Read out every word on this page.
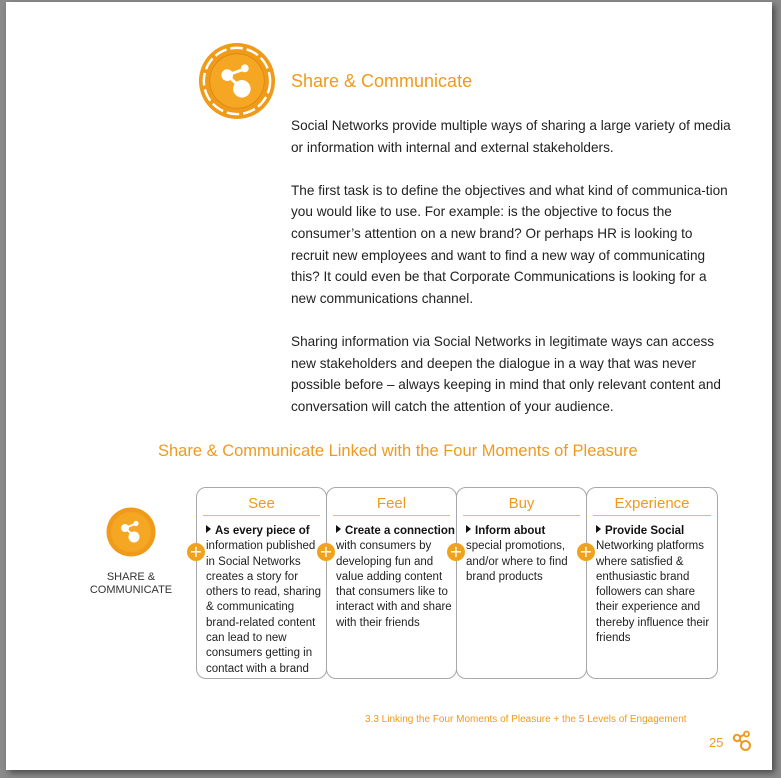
Share & Communicate

Social Networks provide multiple ways of sharing a large variety of media or information with internal and external stakeholders.

The first task is to define the objectives and what kind of communica-tion you would like to use. For example: is the objective to focus the consumer’s attention on a new brand? Or perhaps HR is looking to recruit new employees and want to find a new way of communicating this? It could even be that Corporate Communications is looking for a new communications channel.

Sharing information via Social Networks in legitimate ways can access new stakeholders and deepen the dialogue in a way that was never possible before – always keeping in mind that only relevant content and conversation will catch the attention of your audience.

Share & Communicate Linked with the Four Moments of Pleasure
SHARE &
COMMUNICATE
See
As every piece of
information published in Social Networks creates a story for others to read, sharing & communicating brand-related content can lead to new consumers getting in contact with a brand
Feel
Create a connection
with consumers by developing fun and value adding content that consumers like to interact with and share with their friends
Buy
Inform about
special promotions, and/or where to find brand products
Experience
Provide Social
Networking platforms where satisfied & enthusiastic brand followers can share their experience and thereby influence their friends
+	+	+	+
3.3 Linking the Four Moments of Pleasure + the 5 Levels of Engagement
25
